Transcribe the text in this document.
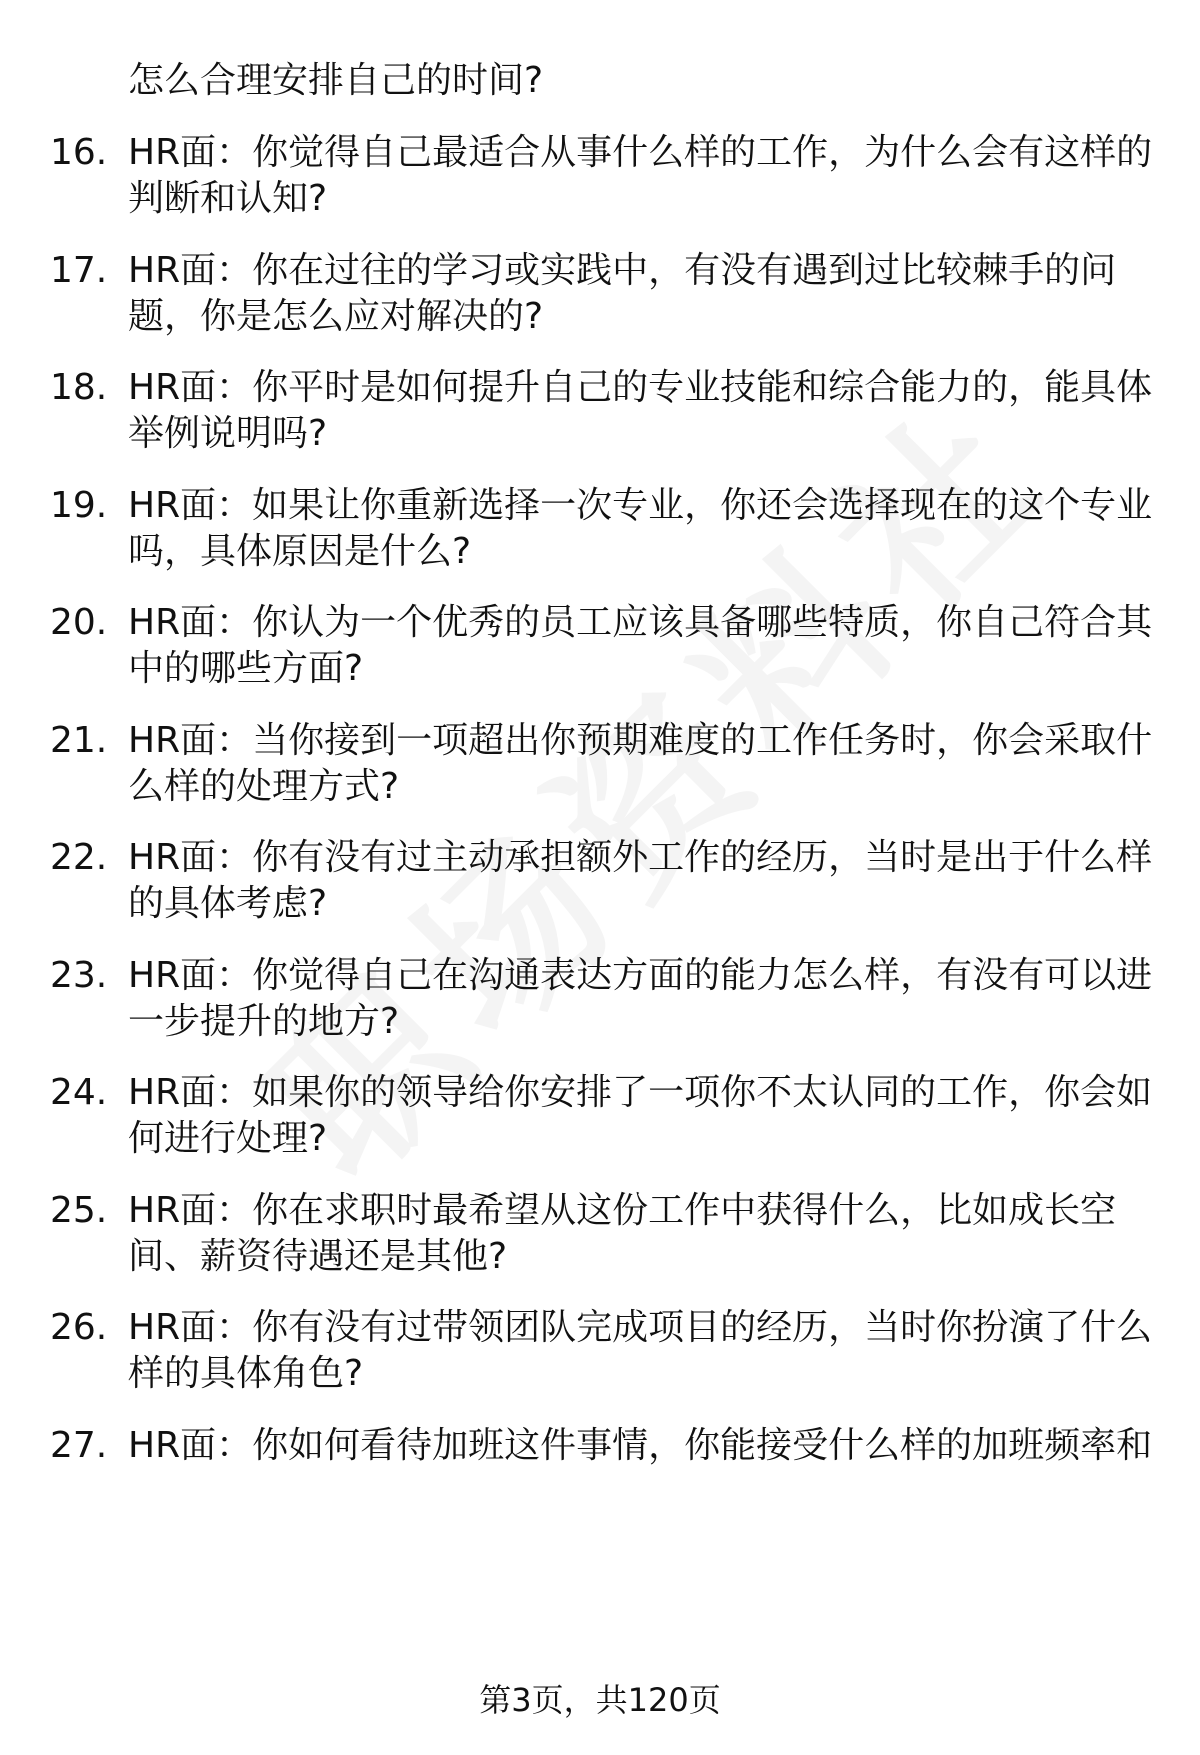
怎么合理安排自己的时间?
16. HR面：你觉得自己最适合从事什么样的工作，为什么会有这样的
判断和认知?
17. HR面：你在过往的学习或实践中，有没有遇到过比较棘手的问
题，你是怎么应对解决的?
18. HR面：你平时是如何提升自己的专业技能和综合能力的，能具体
举例说明吗?
19. HR面：如果让你重新选择一次专业，你还会选择现在的这个专业
吗，具体原因是什么?
20. HR面：你认为一个优秀的员工应该具备哪些特质，你自己符合其
中的哪些方面?
21. HR面：当你接到一项超出你预期难度的工作任务时，你会采取什
么样的处理方式?
22. HR面：你有没有过主动承担额外工作的经历，当时是出于什么样
的具体考虑?
23. HR面：你觉得自己在沟通表达方面的能力怎么样，有没有可以进
一步提升的地方?
24. HR面：如果你的领导给你安排了一项你不太认同的工作，你会如
何进行处理?
25. HR面：你在求职时最希望从这份工作中获得什么，比如成长空
间、薪资待遇还是其他?
26. HR面：你有没有过带领团队完成项目的经历，当时你扮演了什么
样的具体角色?
27. HR面：你如何看待加班这件事情，你能接受什么样的加班频率和
第3页，共120页
